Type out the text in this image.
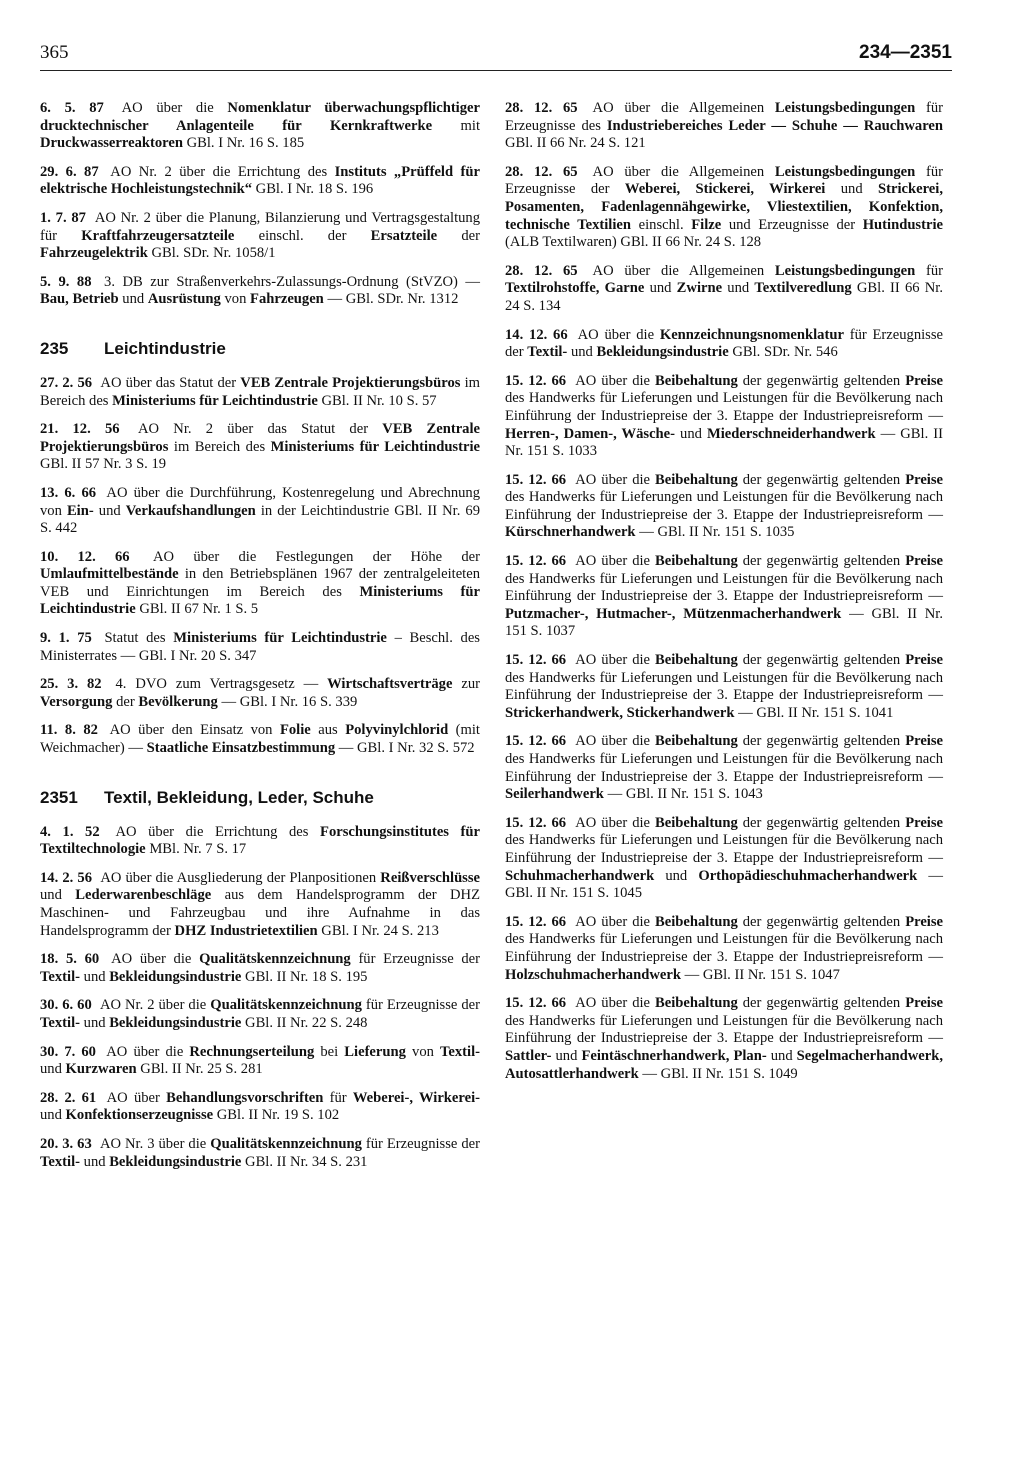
365	234—2351

6. 5. 87 AO über die Nomenklatur überwachungspflichtiger drucktechnischer Anlagenteile für Kernkraftwerke mit Druckwasserreaktoren GBl. I Nr. 16 S. 185

29. 6. 87 AO Nr. 2 über die Errichtung des Instituts „Prüffeld für elektrische Hochleistungstechnik“ GBl. I Nr. 18 S. 196

1. 7. 87 AO Nr. 2 über die Planung, Bilanzierung und Vertragsgestaltung für Kraftfahrzeugersatzteile einschl. der Ersatzteile der Fahrzeugelektrik GBl. SDr. Nr. 1058/1

5. 9. 88 3. DB zur Straßenverkehrs-Zulassungs-Ordnung (StVZO) — Bau, Betrieb und Ausrüstung von Fahrzeugen — GBl. SDr. Nr. 1312

235 Leichtindustrie

27. 2. 56 AO über das Statut der VEB Zentrale Projektierungsbüros im Bereich des Ministeriums für Leichtindustrie GBl. II Nr. 10 S. 57

21. 12. 56 AO Nr. 2 über das Statut der VEB Zentrale Projektierungsbüros im Bereich des Ministeriums für Leichtindustrie GBl. II 57 Nr. 3 S. 19

13. 6. 66 AO über die Durchführung, Kostenregelung und Abrechnung von Ein- und Verkaufshandlungen in der Leichtindustrie GBl. II Nr. 69 S. 442

10. 12. 66 AO über die Festlegungen der Höhe der Umlaufmittelbestände in den Betriebsplänen 1967 der zentralgeleiteten VEB und Einrichtungen im Bereich des Ministeriums für Leichtindustrie GBl. II 67 Nr. 1 S. 5

9. 1. 75 Statut des Ministeriums für Leichtindustrie – Beschl. des Ministerrates — GBl. I Nr. 20 S. 347

25. 3. 82 4. DVO zum Vertragsgesetz — Wirtschaftsverträge zur Versorgung der Bevölkerung — GBl. I Nr. 16 S. 339

11. 8. 82 AO über den Einsatz von Folie aus Polyvinylchlorid (mit Weichmacher) — Staatliche Einsatzbestimmung — GBl. I Nr. 32 S. 572

2351 Textil, Bekleidung, Leder, Schuhe

4. 1. 52 AO über die Errichtung des Forschungsinstitutes für Textiltechnologie MBl. Nr. 7 S. 17

14. 2. 56 AO über die Ausgliederung der Planpositionen Reißverschlüsse und Lederwarenbeschläge aus dem Handelsprogramm der DHZ Maschinen- und Fahrzeugbau und ihre Aufnahme in das Handelsprogramm der DHZ Industrietextilien GBl. I Nr. 24 S. 213

18. 5. 60 AO über die Qualitätskennzeichnung für Erzeugnisse der Textil- und Bekleidungsindustrie GBl. II Nr. 18 S. 195

30. 6. 60 AO Nr. 2 über die Qualitätskennzeichnung für Erzeugnisse der Textil- und Bekleidungsindustrie GBl. II Nr. 22 S. 248

30. 7. 60 AO über die Rechnungserteilung bei Lieferung von Textil- und Kurzwaren GBl. II Nr. 25 S. 281

28. 2. 61 AO über Behandlungsvorschriften für Weberei-, Wirkerei- und Konfektionserzeugnisse GBl. II Nr. 19 S. 102

20. 3. 63 AO Nr. 3 über die Qualitätskennzeichnung für Erzeugnisse der Textil- und Bekleidungsindustrie GBl. II Nr. 34 S. 231

28. 12. 65 AO über die Allgemeinen Leistungsbedingungen für Erzeugnisse des Industriebereiches Leder — Schuhe — Rauchwaren GBl. II 66 Nr. 24 S. 121

28. 12. 65 AO über die Allgemeinen Leistungsbedingungen für Erzeugnisse der Weberei, Stickerei, Wirkerei und Strickerei, Posamenten, Fadenlagennähgewirke, Vliestextilien, Konfektion, technische Textilien einschl. Filze und Erzeugnisse der Hutindustrie (ALB Textilwaren) GBl. II 66 Nr. 24 S. 128

28. 12. 65 AO über die Allgemeinen Leistungsbedingungen für Textilrohstoffe, Garne und Zwirne und Textilveredlung GBl. II 66 Nr. 24 S. 134

14. 12. 66 AO über die Kennzeichnungsnomenklatur für Erzeugnisse der Textil- und Bekleidungsindustrie GBl. SDr. Nr. 546

15. 12. 66 AO über die Beibehaltung der gegenwärtig geltenden Preise des Handwerks für Lieferungen und Leistungen für die Bevölkerung nach Einführung der Industriepreise der 3. Etappe der Industriepreisreform — Herren-, Damen-, Wäsche- und Miederschneiderhandwerk — GBl. II Nr. 151 S. 1033

15. 12. 66 AO über die Beibehaltung der gegenwärtig geltenden Preise des Handwerks für Lieferungen und Leistungen für die Bevölkerung nach Einführung der Industriepreise der 3. Etappe der Industriepreisreform — Kürschnerhandwerk — GBl. II Nr. 151 S. 1035

15. 12. 66 AO über die Beibehaltung der gegenwärtig geltenden Preise des Handwerks für Lieferungen und Leistungen für die Bevölkerung nach Einführung der Industriepreise der 3. Etappe der Industriepreisreform — Putzmacher-, Hutmacher-, Mützenmacherhandwerk — GBl. II Nr. 151 S. 1037

15. 12. 66 AO über die Beibehaltung der gegenwärtig geltenden Preise des Handwerks für Lieferungen und Leistungen für die Bevölkerung nach Einführung der Industriepreise der 3. Etappe der Industriepreisreform — Strickerhandwerk, Stickerhandwerk — GBl. II Nr. 151 S. 1041

15. 12. 66 AO über die Beibehaltung der gegenwärtig geltenden Preise des Handwerks für Lieferungen und Leistungen für die Bevölkerung nach Einführung der Industriepreise der 3. Etappe der Industriepreisreform — Seilerhandwerk — GBl. II Nr. 151 S. 1043

15. 12. 66 AO über die Beibehaltung der gegenwärtig geltenden Preise des Handwerks für Lieferungen und Leistungen für die Bevölkerung nach Einführung der Industriepreise der 3. Etappe der Industriepreisreform — Schuhmacherhandwerk und Orthopädieschuhmacherhandwerk — GBl. II Nr. 151 S. 1045

15. 12. 66 AO über die Beibehaltung der gegenwärtig geltenden Preise des Handwerks für Lieferungen und Leistungen für die Bevölkerung nach Einführung der Industriepreise der 3. Etappe der Industriepreisreform — Holzschuhmacherhandwerk — GBl. II Nr. 151 S. 1047

15. 12. 66 AO über die Beibehaltung der gegenwärtig geltenden Preise des Handwerks für Lieferungen und Leistungen für die Bevölkerung nach Einführung der Industriepreise der 3. Etappe der Industriepreisreform — Sattler- und Feintäschnerhandwerk, Plan- und Segelmacherhandwerk, Autosattlerhandwerk — GBl. II Nr. 151 S. 1049
